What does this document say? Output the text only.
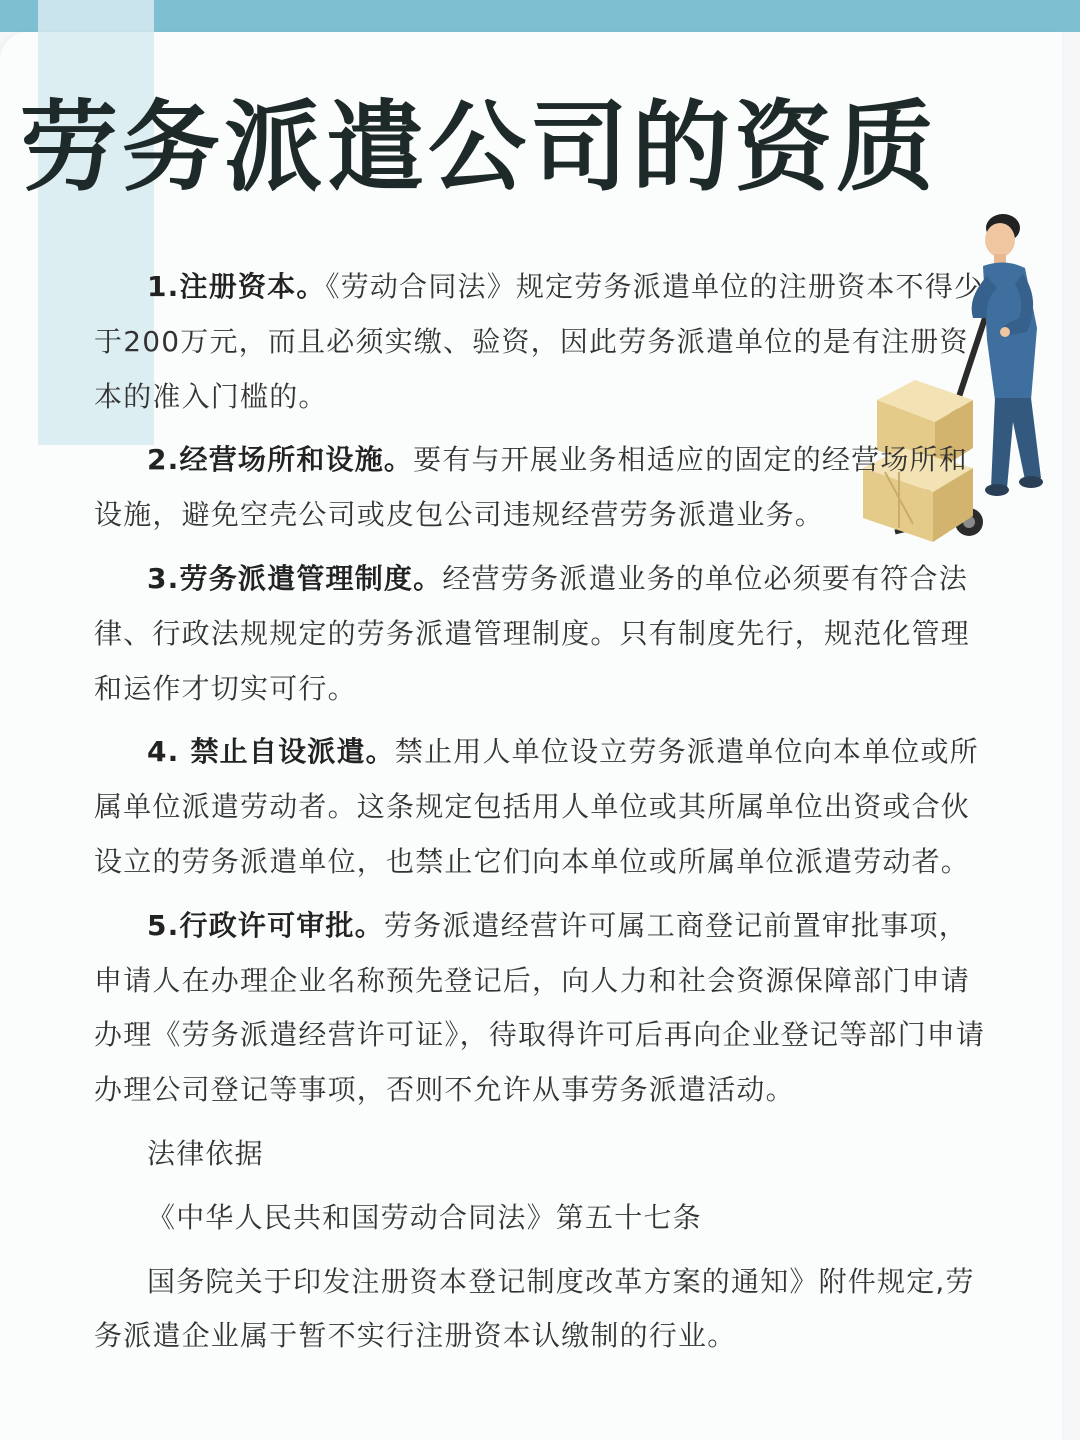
劳务派遣公司的资质

1.注册资本。《劳动合同法》规定劳务派遣单位的注册资本不得少于200万元，而且必须实缴、验资，因此劳务派遣单位的是有注册资本的准入门槛的。

2.经营场所和设施。要有与开展业务相适应的固定的经营场所和设施，避免空壳公司或皮包公司违规经营劳务派遣业务。

3.劳务派遣管理制度。经营劳务派遣业务的单位必须要有符合法律、行政法规规定的劳务派遣管理制度。只有制度先行，规范化管理和运作才切实可行。

4. 禁止自设派遣。禁止用人单位设立劳务派遣单位向本单位或所属单位派遣劳动者。这条规定包括用人单位或其所属单位出资或合伙设立的劳务派遣单位，也禁止它们向本单位或所属单位派遣劳动者。

5.行政许可审批。劳务派遣经营许可属工商登记前置审批事项，申请人在办理企业名称预先登记后，向人力和社会资源保障部门申请办理《劳务派遣经营许可证》，待取得许可后再向企业登记等部门申请办理公司登记等事项，否则不允许从事劳务派遣活动。

法律依据

《中华人民共和国劳动合同法》第五十七条

国务院关于印发注册资本登记制度改革方案的通知》附件规定,劳务派遣企业属于暂不实行注册资本认缴制的行业。
